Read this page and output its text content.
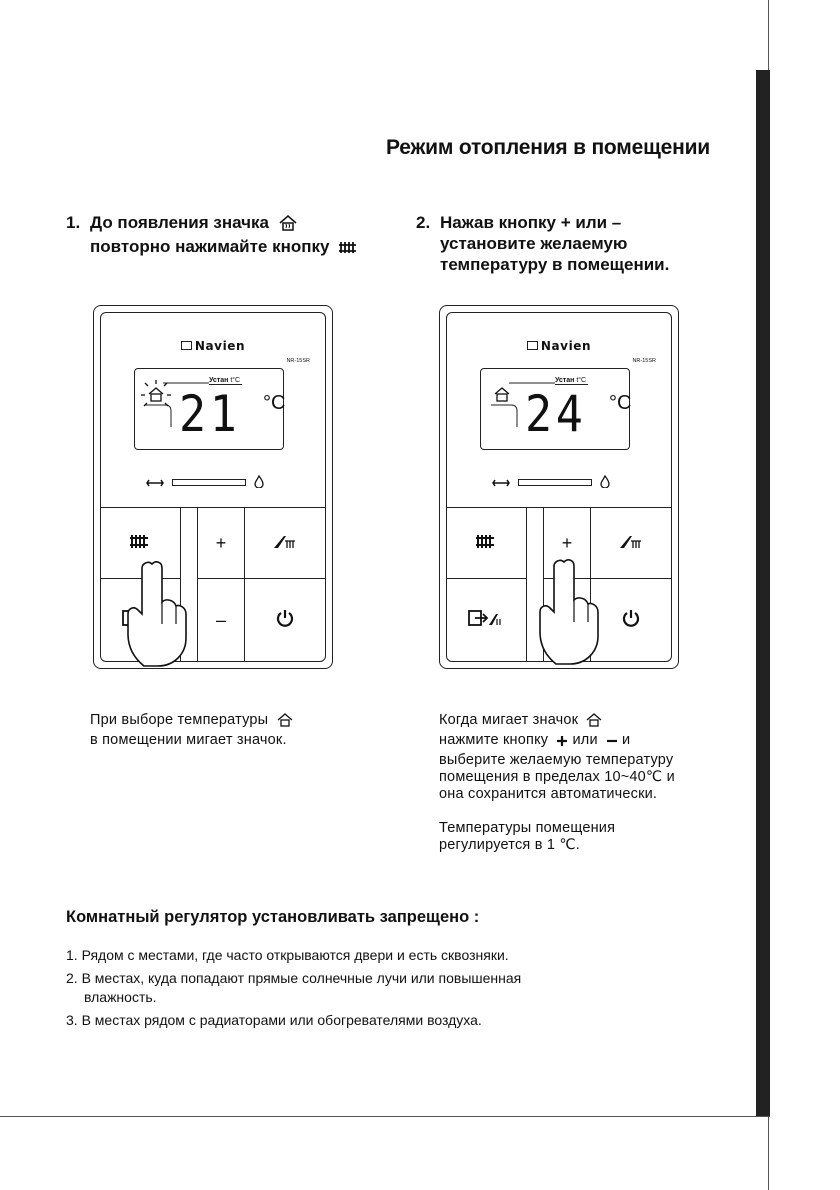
Режим отопления в помещении
1. До появления значка
повторно нажимайте кнопку
2. Нажав кнопку + или –
установите желаемую
температуру в помещении.
Navien
NR-15SR
Устан t°C
21 °C
+
–
Navien
NR-15SR
Устан t°C
24 °C
+

При выборе температуры

в помещении мигает значок.

Когда мигает значок

нажмите кнопку или и

выберите желаемую температуру

помещения в пределах 10~40℃ и

она сохранится автоматически.

Температуры помещения

регулируется в 1 ℃.

Комнатный регулятор установливать запрещено :
1. Рядом с местами, где часто открываются двери и есть сквозняки.
2. В местах, куда попадают прямые солнечные лучи или повышенная
влажность.
3. В местах рядом с радиаторами или обогревателями воздуха.
